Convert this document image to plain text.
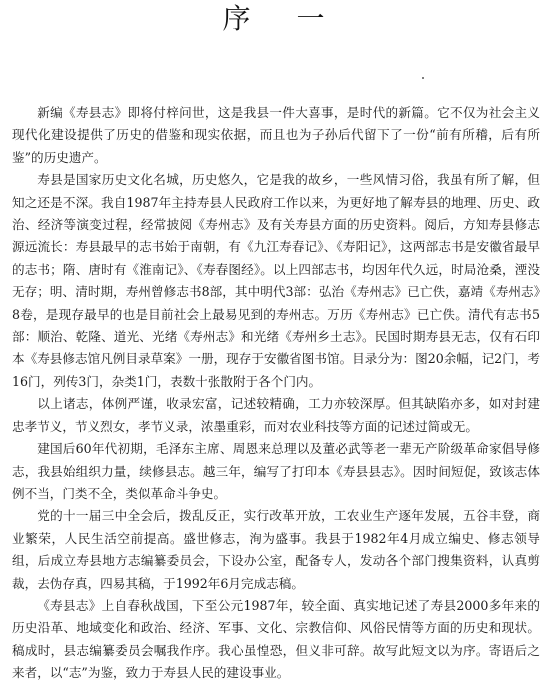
序 一

新编《寿县志》即将付梓问世，这是我县一件大喜事，是时代的新篇。它不仅为社会主义现代化建设提供了历史的借鉴和现实依据，而且也为子孙后代留下了一份“前有所稽，后有所鉴”的历史遗产。

寿县是国家历史文化名城，历史悠久，它是我的故乡，一些风情习俗，我虽有所了解，但知之还是不深。我自1987年主持寿县人民政府工作以来，为更好地了解寿县的地理、历史、政治、经济等演变过程，经常披阅《寿州志》及有关寿县方面的历史资料。阅后，方知寿县修志源远流长：寿县最早的志书始于南朝，有《九江寿春记》、《寿阳记》，这两部志书是安徽省最早的志书；隋、唐时有《淮南记》、《寿春图经》。以上四部志书，均因年代久远，时局沧桑，湮没无存；明、清时期，寿州曾修志书8部，其中明代3部：弘治《寿州志》已亡佚，嘉靖《寿州志》8卷，是现存最早的也是目前社会上最易见到的寿州志。万历《寿州志》已亡佚。清代有志书5部：顺治、乾隆、道光、光绪《寿州志》和光绪《寿州乡土志》。民国时期寿县无志，仅有石印本《寿县修志馆凡例目录草案》一册，现存于安徽省图书馆。目录分为：图20余幅，记2门，考16门，列传3门，杂类1门，表数十张散附于各个门内。

以上诸志，体例严谨，收录宏富，记述较精确，工力亦较深厚。但其缺陷亦多，如对封建忠孝节义，节义烈女，孝节义录，浓墨重彩，而对农业科技等方面的记述过简或无。

建国后60年代初期，毛泽东主席、周恩来总理以及董必武等老一辈无产阶级革命家倡导修志，我县始组织力量，续修县志。越三年，编写了打印本《寿县县志》。因时间短促，致该志体例不当，门类不全，类似革命斗争史。

党的十一届三中全会后，拨乱反正，实行改革开放，工农业生产逐年发展，五谷丰登，商业繁荣，人民生活空前提高。盛世修志，洵为盛事。我县于1982年4月成立编史、修志领导组，后成立寿县地方志编纂委员会，下设办公室，配备专人，发动各个部门搜集资料，认真剪裁，去伪存真，四易其稿，于1992年6月完成志稿。

《寿县志》上自春秋战国，下至公元1987年，较全面、真实地记述了寿县2000多年来的历史沿革、地域变化和政治、经济、军事、文化、宗教信仰、风俗民情等方面的历史和现状。稿成时，县志编纂委员会嘱我作序。我心虽惶恐，但义非可辞。故写此短文以为序。寄语后之来者，以“志”为鉴，致力于寿县人民的建设事业。
